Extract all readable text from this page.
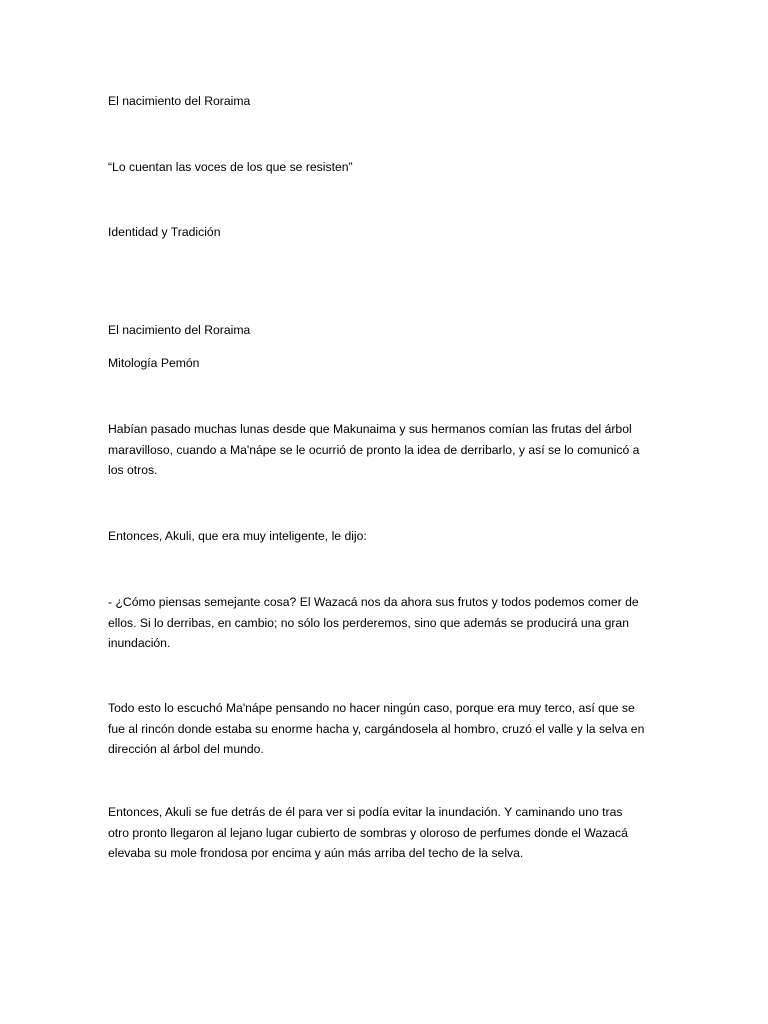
El nacimiento del Roraima

“Lo cuentan las voces de los que se resisten”

Identidad y Tradición

El nacimiento del Roraima

Mitología Pemón

Habían pasado muchas lunas desde que Makunaima y sus hermanos comían las frutas del árbol
maravilloso, cuando a Ma'nápe se le ocurrió de pronto la idea de derribarlo, y así se lo comunicó a
los otros.
Entonces, Akuli, que era muy inteligente, le dijo:
- ¿Cómo piensas semejante cosa? El Wazacá nos da ahora sus frutos y todos podemos comer de
ellos. Si lo derribas, en cambio; no sólo los perderemos, sino que además se producirá una gran
inundación.
Todo esto lo escuchó Ma'nápe pensando no hacer ningún caso, porque era muy terco, así que se
fue al rincón donde estaba su enorme hacha y, cargándosela al hombro, cruzó el valle y la selva en
dirección al árbol del mundo.
Entonces, Akuli se fue detrás de él para ver si podía evitar la inundación. Y caminando uno tras
otro pronto llegaron al lejano lugar cubierto de sombras y oloroso de perfumes donde el Wazacá
elevaba su mole frondosa por encima y aún más arriba del techo de la selva.
